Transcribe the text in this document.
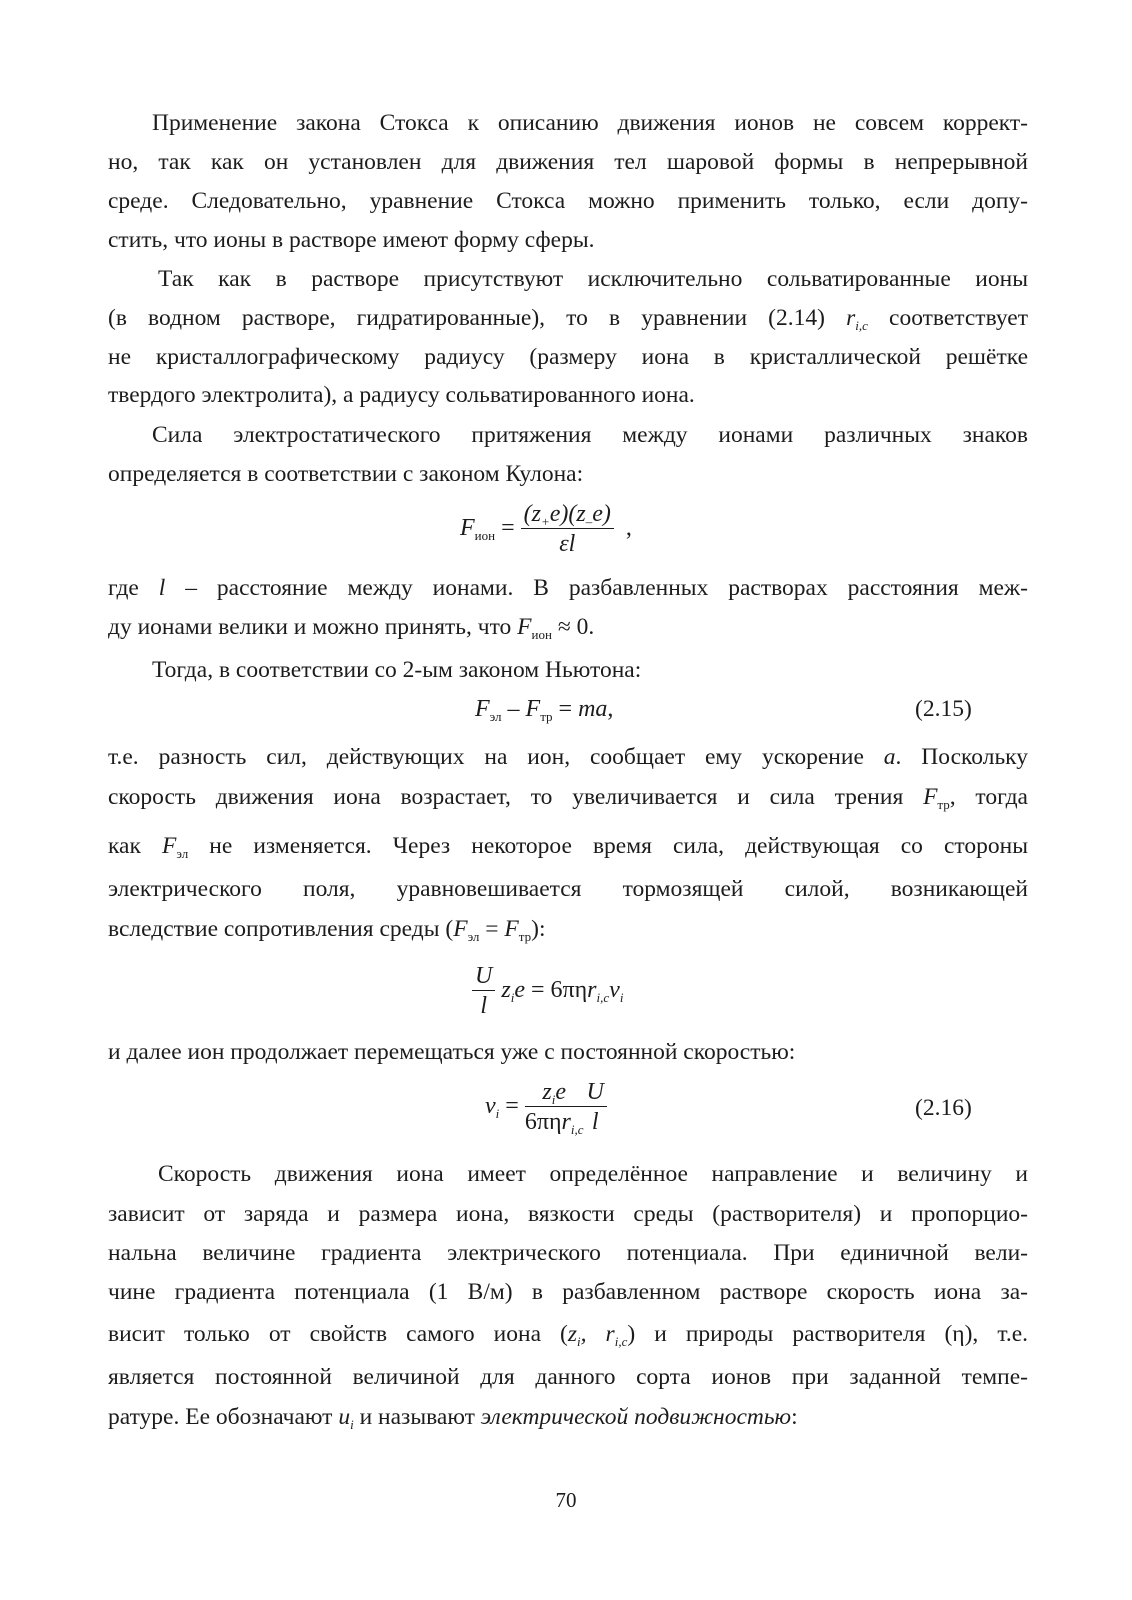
Применение закона Стокса к описанию движения ионов не совсем коррект-
но, так как он установлен для движения тел шаровой формы в непрерывной
среде. Следовательно, уравнение Стокса можно применить только, если допу-
стить, что ионы в растворе имеют форму сферы.
Так как в растворе присутствуют исключительно сольватированные ионы
(в водном растворе, гидратированные), то в уравнении (2.14) $r_{i,c}$ соответствует
не кристаллографическому радиусу (размеру иона в кристаллической решётке
твердого электролита), а радиусу сольватированного иона.
Сила электростатического притяжения между ионами различных знаков
определяется в соответствии с законом Кулона:
$F_{ион} = \frac{(z_+e)(z_-e)}{\varepsilon l}$ ,
где l – расстояние между ионами. В разбавленных растворах расстояния меж-
ду ионами велики и можно принять, что $F_{ион} \approx 0$.
Тогда, в соответствии со 2-ым законом Ньютона:
$F_{эл} - F_{тр}$ = ma,	(2.15)
т.е. разность сил, действующих на ион, сообщает ему ускорение a. Поскольку
скорость движения иона возрастает, то увеличивается и сила трения $F_{тр}$, тогда
как $F_{эл}$ не изменяется. Через некоторое время сила, действующая со стороны
электрического поля, уравновешивается тормозящей силой, возникающей
вследствие сопротивления среды $(F_{эл} = F_{тр})$:
$\frac{U}{l} z_ie = 6\pi\eta r_{i,c}v_i$
и далее ион продолжает перемещаться уже с постоянной скоростью:
$v_i = \frac{z_ie}{6\pi\eta r_{i,c}} \frac{U}{l}$	(2.16)
Скорость движения иона имеет определённое направление и величину и
зависит от заряда и размера иона, вязкости среды (растворителя) и пропорцио-
нальна величине градиента электрического потенциала. При единичной вели-
чине градиента потенциала (1 В/м) в разбавленном растворе скорость иона за-
висит только от свойств самого иона ($z_i$, $r_{i,c}$) и природы растворителя (η), т.е.
является постоянной величиной для данного сорта ионов при заданной темпе-
ратуре. Ее обозначают $u_i$ и называют электрической подвижностью:
70
